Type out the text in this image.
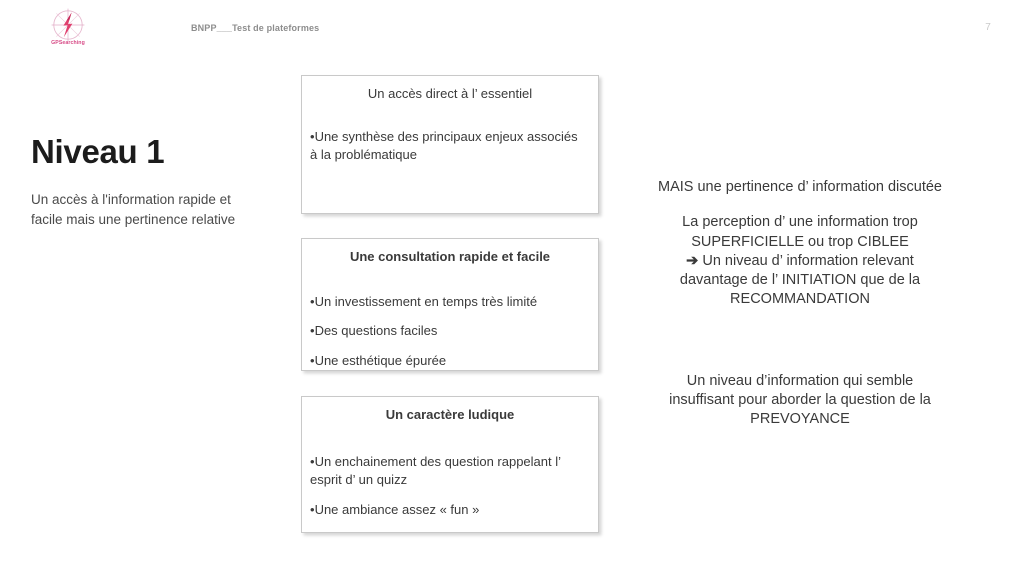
GPSearching
BNPP___Test de plateformes	7
Niveau 1

Un accès à l'information rapide et facile mais une pertinence relative

Un accès direct à l’ essentiel
•Une synthèse des principaux enjeux associés à la problématique
Une consultation rapide et facile
•Un investissement en temps très limité
•Des questions faciles
•Une esthétique épurée
Un caractère ludique
•Un enchainement des question rappelant l’ esprit d’ un quizz
•Une ambiance assez « fun »

MAIS une pertinence d’ information discutée

La perception d’ une information trop SUPERFICIELLE ou trop CIBLEE

➔ Un niveau d’ information relevant davantage de l’ INITIATION que de la RECOMMANDATION

Un niveau d’information qui semble insuffisant pour aborder la question de la PREVOYANCE
